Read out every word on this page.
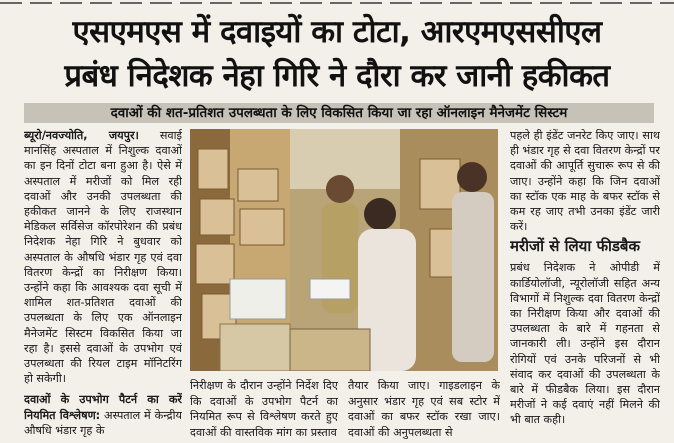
एसएमएस में दवाइयों का टोटा, आरएमएससीएल
प्रबंध निदेशक नेहा गिरि ने दौरा कर जानी हकीकत
दवाओं की शत-प्रतिशत उपलब्धता के लिए विकसित किया जा रहा ऑनलाइन मैनेजमेंट सिस्टम
ब्यूरो/नवज्योति, जयपुर। सवाई मानसिंह अस्पताल में निशुल्क दवाओं का इन दिनों टोटा बना हुआ है। ऐसे में अस्पताल में मरीजों को मिल रही दवाओं और उनकी उपलब्धता की हकीकत जानने के लिए राजस्थान मेडिकल सर्विसेज कॉरपोरेशन की प्रबंध निदेशक नेहा गिरि ने बुधवार को अस्पताल के औषधि भंडार गृह एवं दवा वितरण केन्द्रों का निरीक्षण किया। उन्होंने कहा कि आवश्यक दवा सूची में शामिल शत-प्रतिशत दवाओं की उपलब्धता के लिए एक ऑनलाइन मैनेजमेंट सिस्टम विकसित किया जा रहा है। इससे दवाओं के उपभोग एवं उपलब्धता की रियल टाइम मॉनिटरिंग हो सकेगी।
दवाओं के उपभोग पैटर्न का करें नियमित विश्लेषण: अस्पताल में केन्द्रीय औषधि भंडार गृह के
निरीक्षण के दौरान उन्होंने निर्देश दिए कि दवाओं के उपभोग पैटर्न का नियमित रूप से विश्लेषण करते हुए दवाओं की वास्तविक मांग का प्रस्ताव
तैयार किया जाए। गाइडलाइन के अनुसार भंडार गृह एवं सब स्टोर में दवाओं का बफर स्टॉक रखा जाए। दवाओं की अनुपलब्धता से
पहले ही इंडेंट जनरेट किए जाए। साथ ही भंडार गृह से दवा वितरण केन्द्रों पर दवाओं की आपूर्ति सुचारू रूप से की जाए। उन्होंने कहा कि जिन दवाओं का स्टॉक एक माह के बफर स्टॉक से कम रह जाए तभी उनका इंडेंट जारी करें।
मरीजों से लिया फीडबैक
प्रबंध निदेशक ने ओपीडी में कार्डियोलॉजी, न्यूरोलॉजी सहित अन्य विभागों में निशुल्क दवा वितरण केन्द्रों का निरीक्षण किया और दवाओं की उपलब्धता के बारे में गहनता से जानकारी ली। उन्होंने इस दौरान रोगियों एवं उनके परिजनों से भी संवाद कर दवाओं की उपलब्धता के बारे में फीडबैक लिया। इस दौरान मरीजों ने कई दवाएं नहीं मिलने की भी बात कही।
